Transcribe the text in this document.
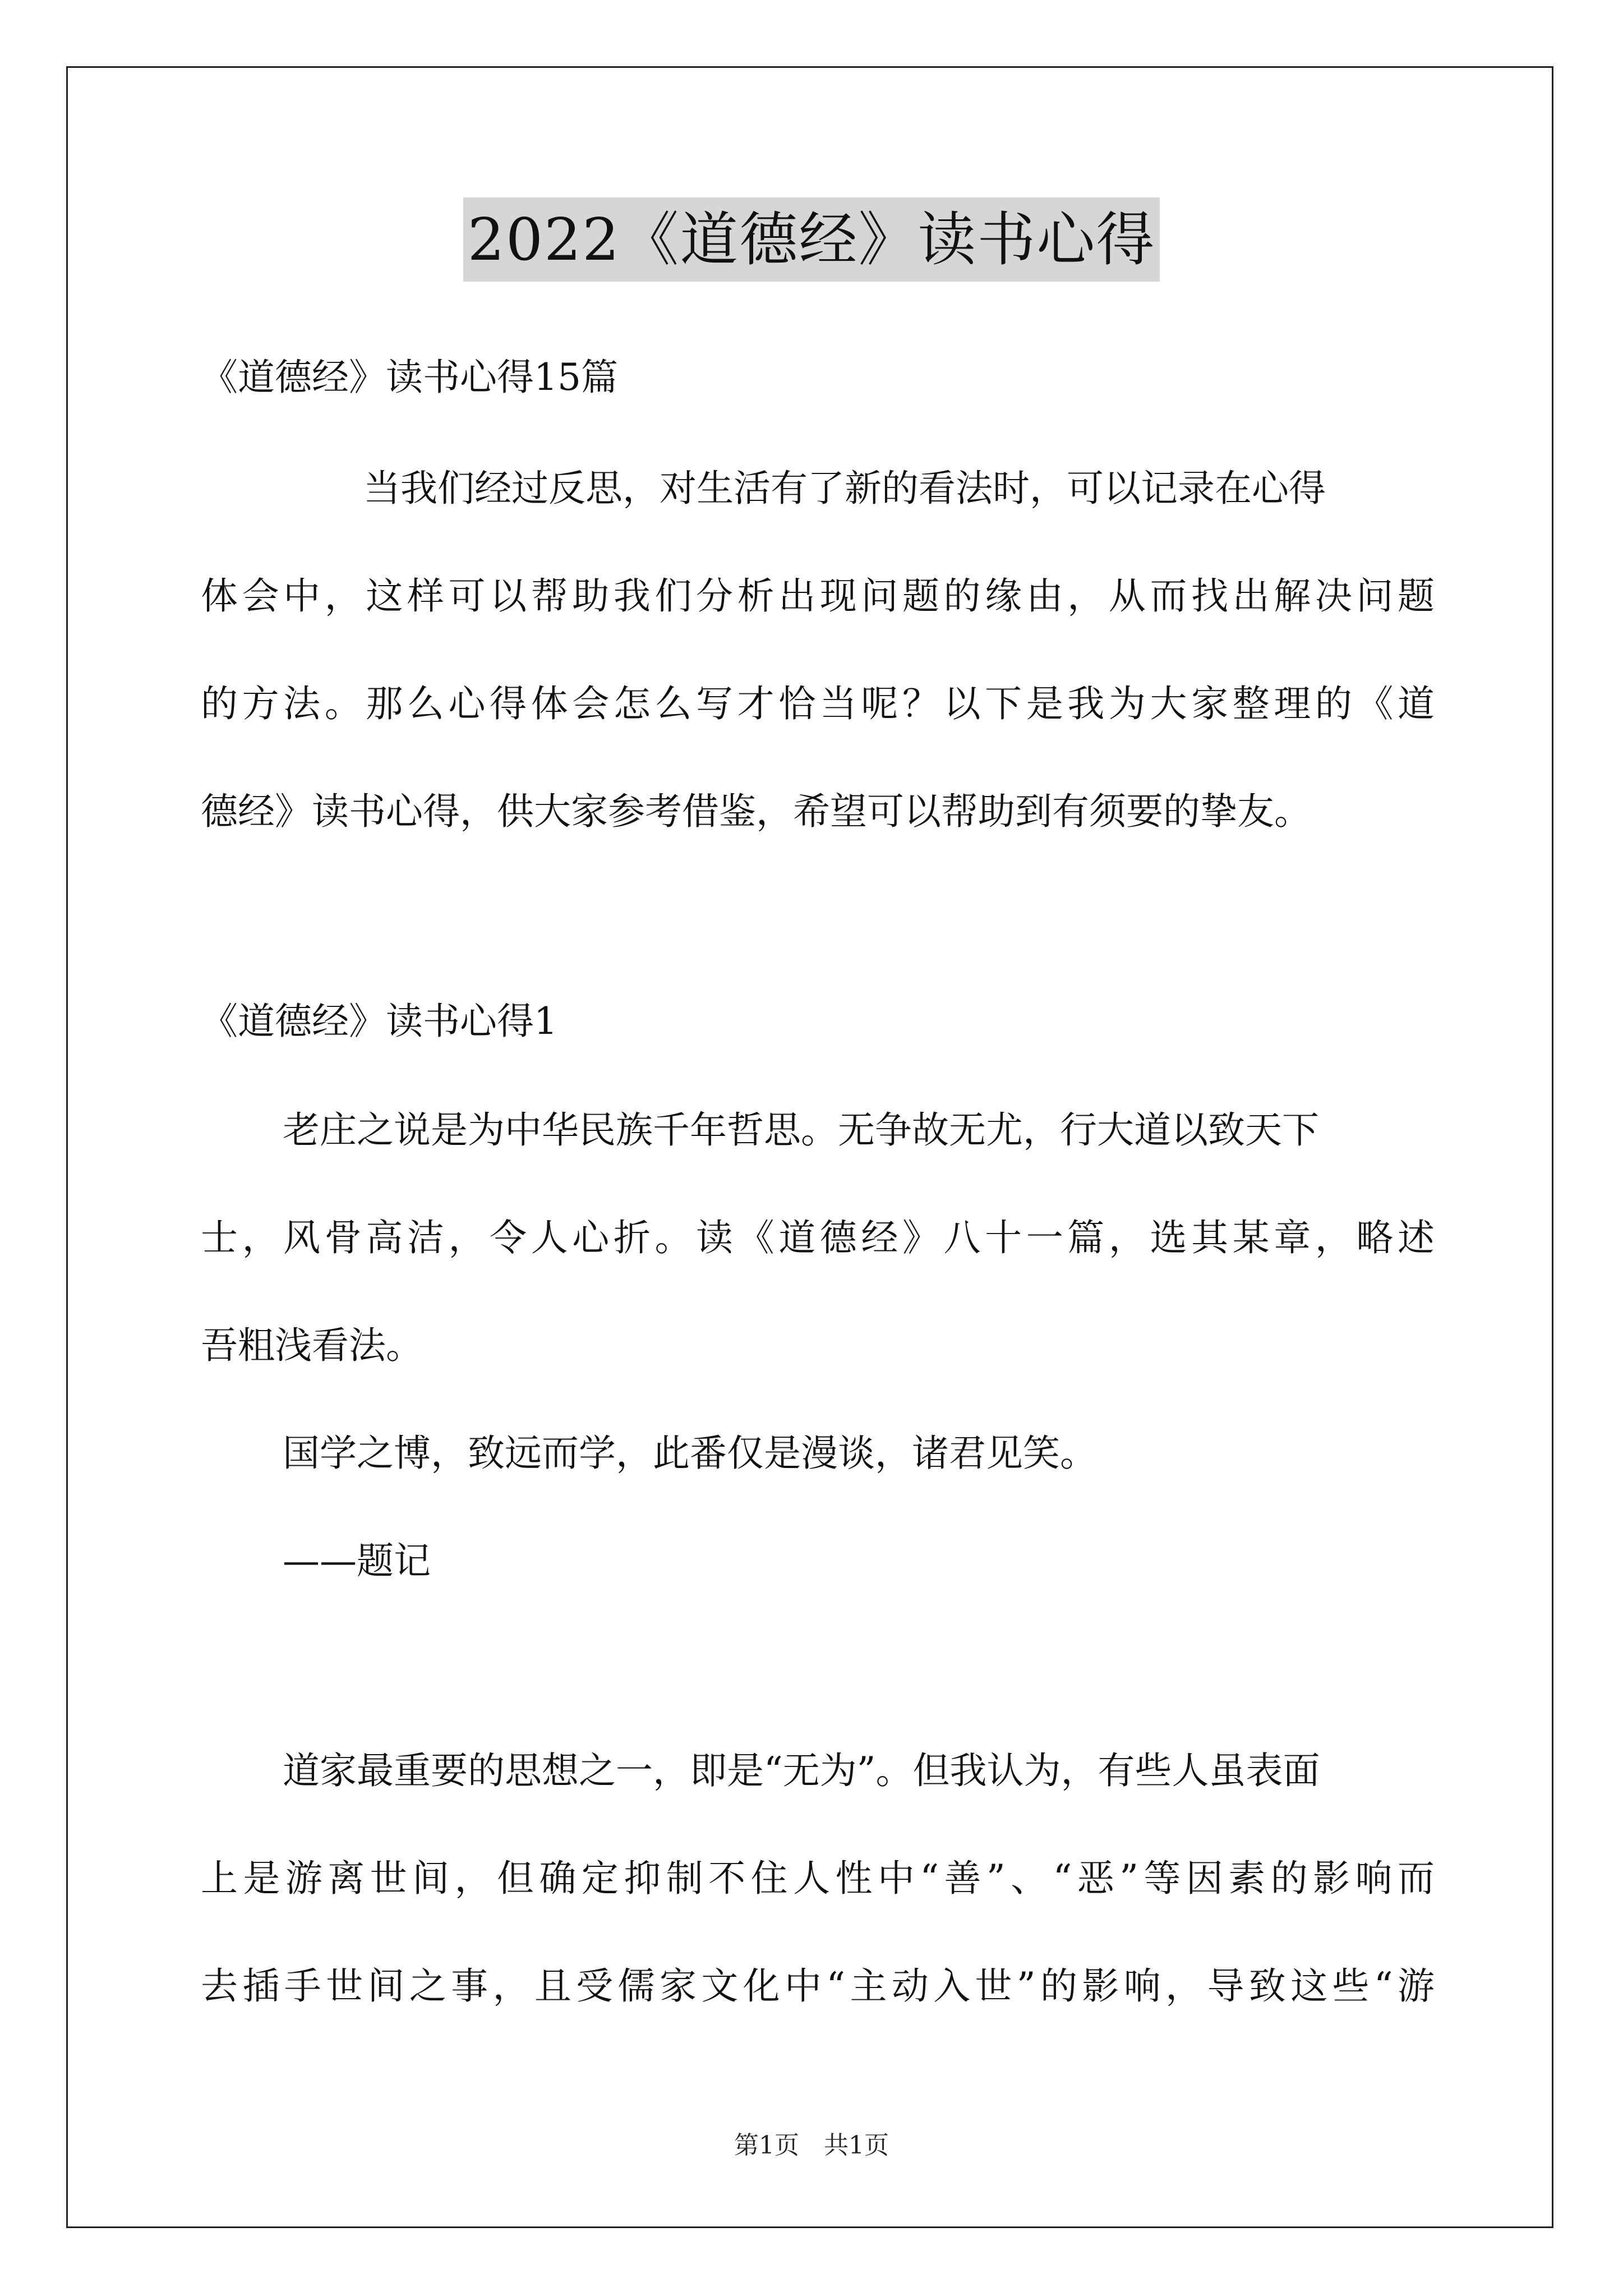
2022《道德经》读书心得
《道德经》读书心得15篇
当我们经过反思，对生活有了新的看法时，可以记录在心得
体会中，这样可以帮助我们分析出现问题的缘由，从而找出解决问题
的方法。那么心得体会怎么写才恰当呢？以下是我为大家整理的《道
德经》读书心得，供大家参考借鉴，希望可以帮助到有须要的挚友。
《道德经》读书心得1
老庄之说是为中华民族千年哲思。无争故无尤，行大道以致天下
士，风骨高洁，令人心折。读《道德经》八十一篇，选其某章，略述
吾粗浅看法。
国学之博，致远而学，此番仅是漫谈，诸君见笑。
——题记
道家最重要的思想之一，即是“无为”。但我认为，有些人虽表面
上是游离世间，但确定抑制不住人性中“善”、“恶”等因素的影响而
去插手世间之事，且受儒家文化中“主动入世”的影响，导致这些“游
第1页　共1页
